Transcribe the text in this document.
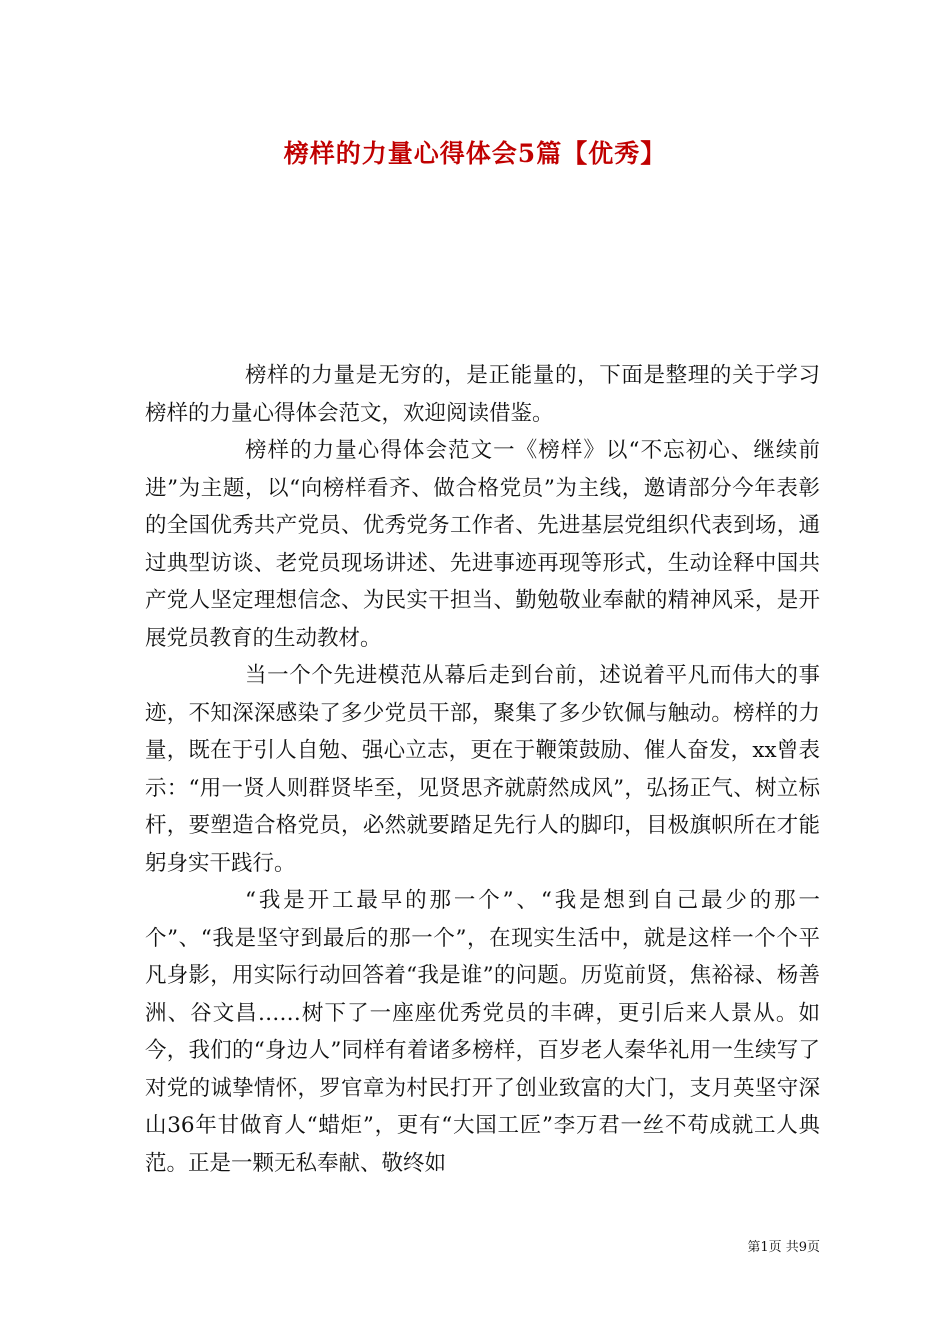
榜样的力量心得体会5篇【优秀】

榜样的力量是无穷的，是正能量的，下面是整理的关于学习榜样的力量心得体会范文，欢迎阅读借鉴。

榜样的力量心得体会范文一《榜样》以“不忘初心、继续前进”为主题，以“向榜样看齐、做合格党员”为主线，邀请部分今年表彰的全国优秀共产党员、优秀党务工作者、先进基层党组织代表到场，通过典型访谈、老党员现场讲述、先进事迹再现等形式，生动诠释中国共产党人坚定理想信念、为民实干担当、勤勉敬业奉献的精神风采，是开展党员教育的生动教材。

当一个个先进模范从幕后走到台前，述说着平凡而伟大的事迹，不知深深感染了多少党员干部，聚集了多少钦佩与触动。榜样的力量，既在于引人自勉、强心立志，更在于鞭策鼓励、催人奋发，xx曾表示：“用一贤人则群贤毕至，见贤思齐就蔚然成风”，弘扬正气、树立标杆，要塑造合格党员，必然就要踏足先行人的脚印，目极旗帜所在才能躬身实干践行。

“我是开工最早的那一个”、“我是想到自己最少的那一个”、“我是坚守到最后的那一个”，在现实生活中，就是这样一个个平凡身影，用实际行动回答着“我是谁”的问题。历览前贤，焦裕禄、杨善洲、谷文昌……树下了一座座优秀党员的丰碑，更引后来人景从。如今，我们的“身边人”同样有着诸多榜样，百岁老人秦华礼用一生续写了对党的诚挚情怀，罗官章为村民打开了创业致富的大门，支月英坚守深山36年甘做育人“蜡炬”，更有“大国工匠”李万君一丝不苟成就工人典范。正是一颗无私奉献、敬终如

第1页 共9页
